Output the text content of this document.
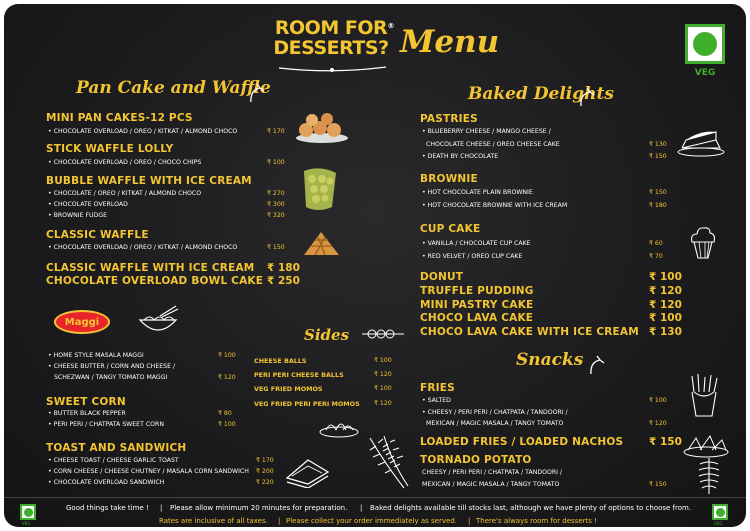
ROOM FOR
DESSERTS?
® Menu
VEG
Pan Cake and Waffle
MINI PAN CAKES-12 PCS
• CHOCOLATE OVERLOAD / OREO / KITKAT / ALMOND CHOCO	₹ 170
STICK WAFFLE LOLLY
• CHOCOLATE OVERLOAD / OREO / CHOCO CHIPS	₹ 100
BUBBLE WAFFLE WITH ICE CREAM
• CHOCOLATE / OREO / KITKAT / ALMOND CHOCO	₹ 270
• CHOCOLATE OVERLOAD	₹ 300
• BROWNIE FUDGE	₹ 320
CLASSIC WAFFLE
• CHOCOLATE OVERLOAD / OREO / KITKAT / ALMOND CHOCO	₹ 150
CLASSIC WAFFLE WITH ICE CREAM ₹ 180
CHOCOLATE OVERLOAD BOWL CAKE ₹ 250
Maggi
• HOME STYLE MASALA MAGGI	₹ 100
• CHEESE BUTTER / CORN AND CHEESE /
SCHEZWAN / TANGY TOMATO MAGGI	₹ 120
SWEET CORN
• BUTTER BLACK PEPPER	₹ 80
• PERI PERI / CHATPATA SWEET CORN	₹ 100
TOAST AND SANDWICH
• CHEESE TOAST / CHEESE GARLIC TOAST	₹ 170
• CORN CHEESE / CHEESE CHUTNEY / MASALA CORN SANDWICH ₹ 200
• CHOCOLATE OVERLOAD SANDWICH	₹ 220
Sides
CHEESE BALLS	₹ 100
PERI PERI CHEESE BALLS	₹ 120
VEG FRIED MOMOS	₹ 100
VEG FRIED PERI PERI MOMOS ₹ 120
Baked Delights
PASTRIES
• BLUEBERRY CHEESE / MANGO CHEESE /
CHOCOLATE CHEESE / OREO CHEESE CAKE	₹ 130
• DEATH BY CHOCOLATE	₹ 150
BROWNIE
• HOT CHOCOLATE PLAIN BROWNIE	₹ 150
• HOT CHOCOLATE BROWNIE WITH ICE CREAM	₹ 180
CUP CAKE
• VANILLA / CHOCOLATE CUP CAKE	₹ 60
• RED VELVET / OREO CUP CAKE	₹ 70
DONUT	₹ 100
TRUFFLE PUDDING	₹ 120
MINI PASTRY CAKE	₹ 120
CHOCO LAVA CAKE	₹ 100
CHOCO LAVA CAKE WITH ICE CREAM ₹ 130
Snacks
FRIES
• SALTED	₹ 100
• CHEESY / PERI PERI / CHATPATA / TANDOORI /
MEXICAN / MAGIC MASALA / TANGY TOMATO	₹ 120
LOADED FRIES / LOADED NACHOS ₹ 150
TORNADO POTATO
CHEESY / PERI PERI / CHATPATA / TANDOORI /
MEXICAN / MAGIC MASALA / TANGY TOMATO	₹ 150
Good things take time ! | Please allow minimum 20 minutes for preparation. | Baked delights available till stocks last, although we have plenty of options to choose from.
Rates are inclusive of all taxes. | Please collect your order immediately as served. | There's always room for desserts !
VEG	VEG
